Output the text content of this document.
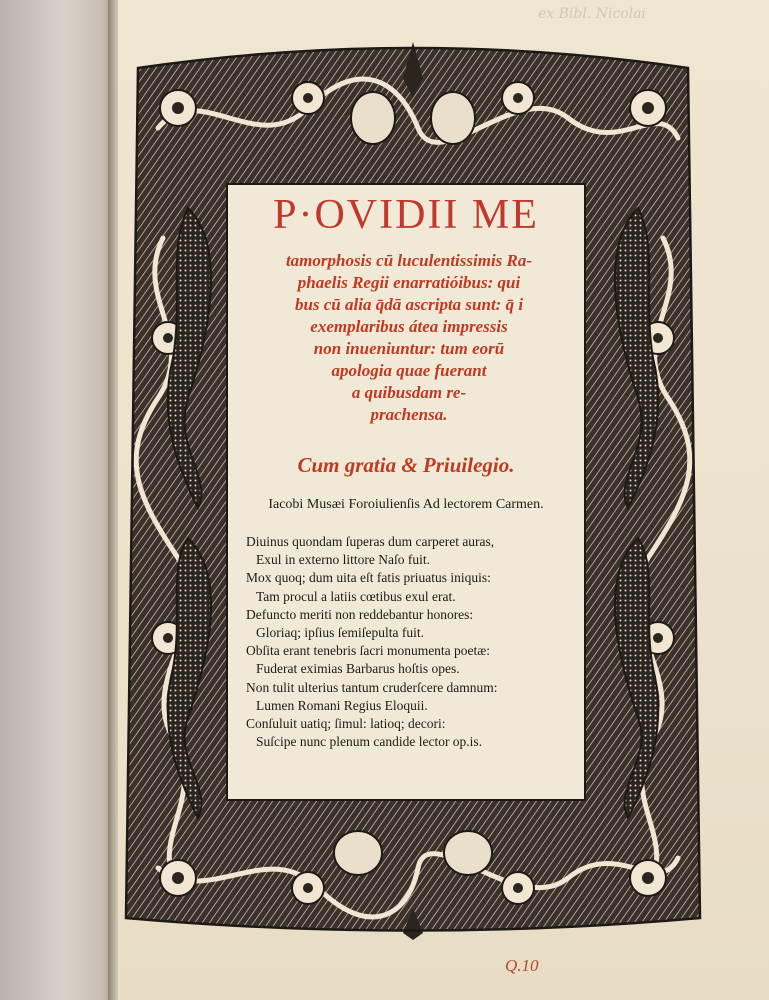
ex Bibl. Nicolai
P·OVIDII ME
tamorphosis cū luculentissimis Ra-
phaelis Regii enarratióibus: qui
bus cū alia q̄dā ascripta sunt: q̄ i
exemplaribus átea impressis
non inueniuntur: tum eorū
apologia quae fuerant
a quibusdam re-
prachensa.
Cum gratia & Priuilegio.
Iacobi Musæi Foroiulienſis Ad lectorem Carmen.
Diuinus quondam ſuperas dum carperet auras,
Exul in externo littore Naſo fuit.
Mox quoq; dum uita eſt fatis priuatus iniquis:
Tam procul a latiis cœtibus exul erat.
Defuncto meriti non reddebantur honores:
Gloriaq; ipſius ſemiſepulta fuit.
Obſita erant tenebris ſacri monumenta poetæ:
Fuderat eximias Barbarus hoſtis opes.
Non tulit ulterius tantum cruderſcere damnum:
Lumen Romani Regius Eloquii.
Conſuluit uatiq; ſimul: latioq; decori:
Suſcipe nunc plenum candide lector op.is.
Q.10
